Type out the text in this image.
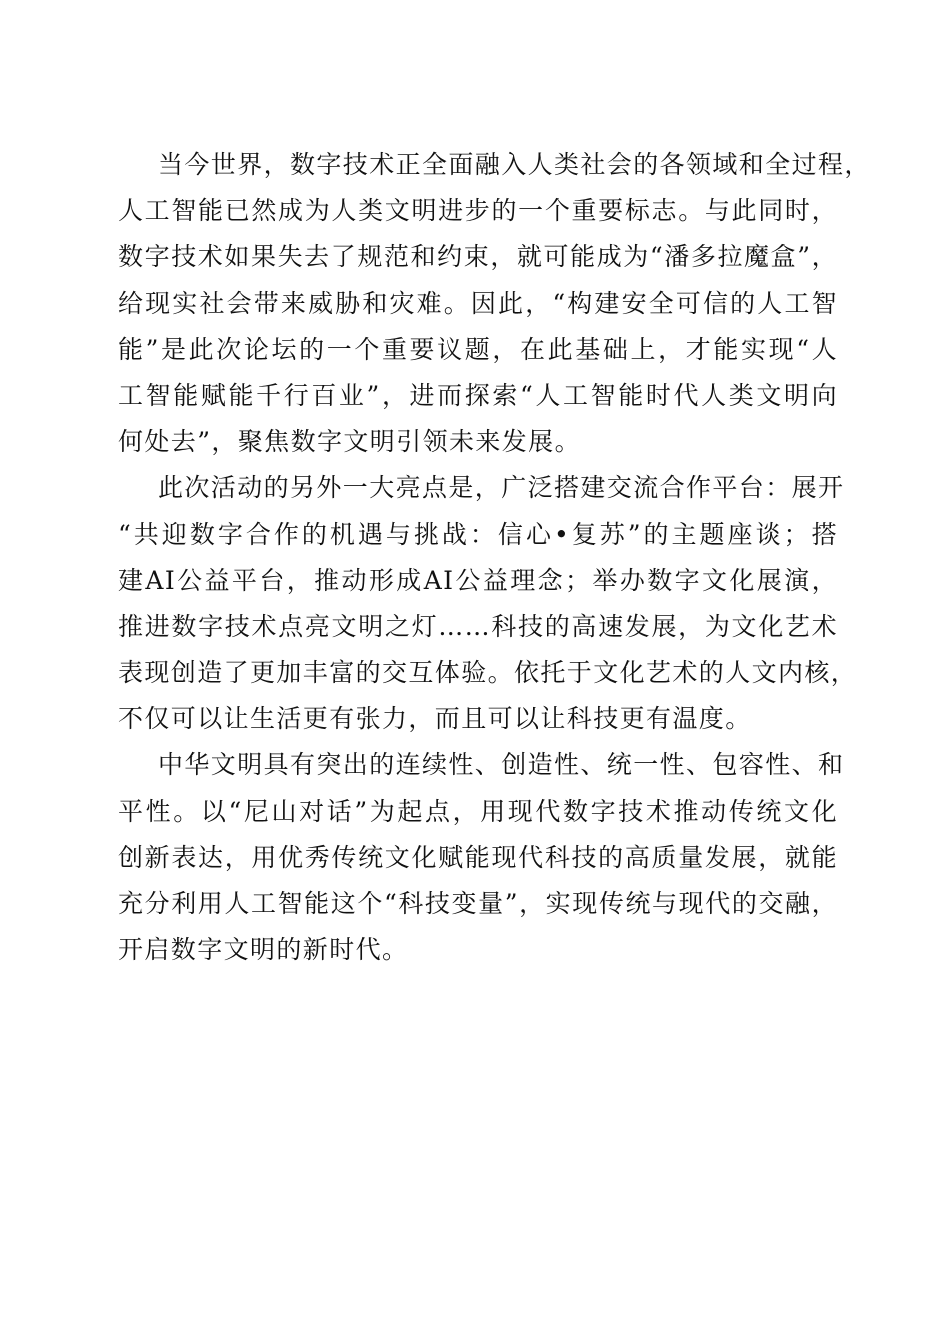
当今世界，数字技术正全面融入人类社会的各领域和全过程，
人工智能已然成为人类文明进步的一个重要标志。与此同时，
数字技术如果失去了规范和约束，就可能成为“潘多拉魔盒”，
给现实社会带来威胁和灾难。因此，“构建安全可信的人工智
能”是此次论坛的一个重要议题，在此基础上，才能实现“人
工智能赋能千行百业”，进而探索“人工智能时代人类文明向
何处去”，聚焦数字文明引领未来发展。
此次活动的另外一大亮点是，广泛搭建交流合作平台：展开
“共迎数字合作的机遇与挑战：信心•复苏”的主题座谈；搭
建AI公益平台，推动形成AI公益理念；举办数字文化展演，
推进数字技术点亮文明之灯……科技的高速发展，为文化艺术
表现创造了更加丰富的交互体验。依托于文化艺术的人文内核，
不仅可以让生活更有张力，而且可以让科技更有温度。
中华文明具有突出的连续性、创造性、统一性、包容性、和
平性。以“尼山对话”为起点，用现代数字技术推动传统文化
创新表达，用优秀传统文化赋能现代科技的高质量发展，就能
充分利用人工智能这个“科技变量”，实现传统与现代的交融，
开启数字文明的新时代。
